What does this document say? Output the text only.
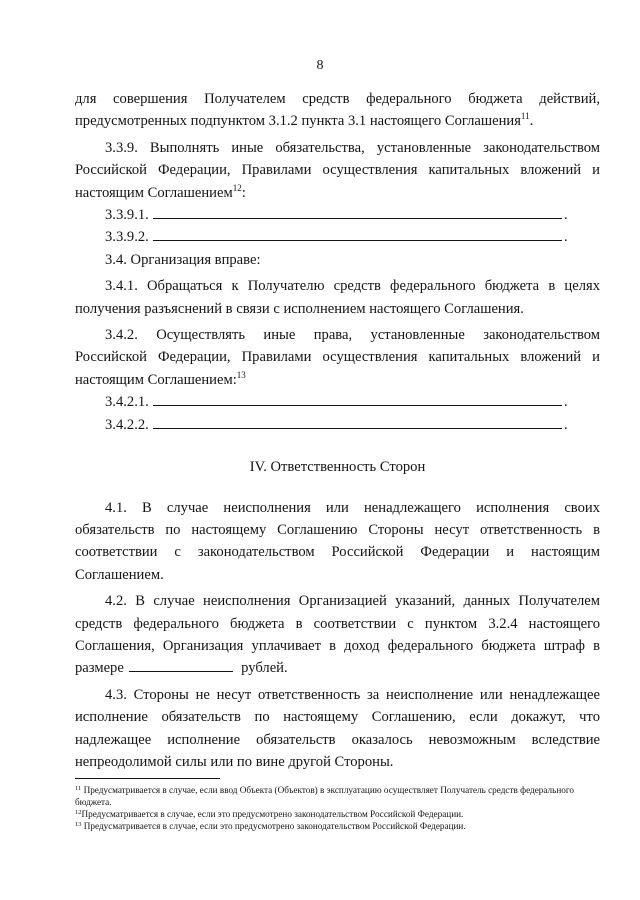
8

для совершения Получателем средств федерального бюджета действий, предусмотренных подпунктом 3.1.2 пункта 3.1 настоящего Соглашения$^{11}$.

3.3.9. Выполнять иные обязательства, установленные законодательством Российской Федерации, Правилами осуществления капитальных вложений и настоящим Соглашением$^{12}$:

3.3.9.1.	.
3.3.9.2.	.

3.4. Организация вправе:

3.4.1. Обращаться к Получателю средств федерального бюджета в целях получения разъяснений в связи с исполнением настоящего Соглашения.

3.4.2. Осуществлять иные права, установленные законодательством Российской Федерации, Правилами осуществления капитальных вложений и настоящим Соглашением:$^{13}$

3.4.2.1.	.
3.4.2.2.	.
IV. Ответственность Сторон

4.1. В случае неисполнения или ненадлежащего исполнения своих обязательств по настоящему Соглашению Стороны несут ответственность в соответствии с законодательством Российской Федерации и настоящим Соглашением.

4.2. В случае неисполнения Организацией указаний, данных Получателем средств федерального бюджета в соответствии с пунктом 3.2.4 настоящего Соглашения, Организация уплачивает в доход федерального бюджета штраф в размере	рублей.

4.3. Стороны не несут ответственность за неисполнение или ненадлежащее исполнение обязательств по настоящему Соглашению, если докажут, что надлежащее исполнение обязательств оказалось невозможным вследствие непреодолимой силы или по вине другой Стороны.

$^{11}$ Предусматривается в случае, если ввод Объекта (Объектов) в эксплуатацию осуществляет Получатель средств федерального бюджета.
$^{12}$Предусматривается в случае, если это предусмотрено законодательством Российской Федерации.
$^{13}$ Предусматривается в случае, если это предусмотрено законодательством Российской Федерации.
